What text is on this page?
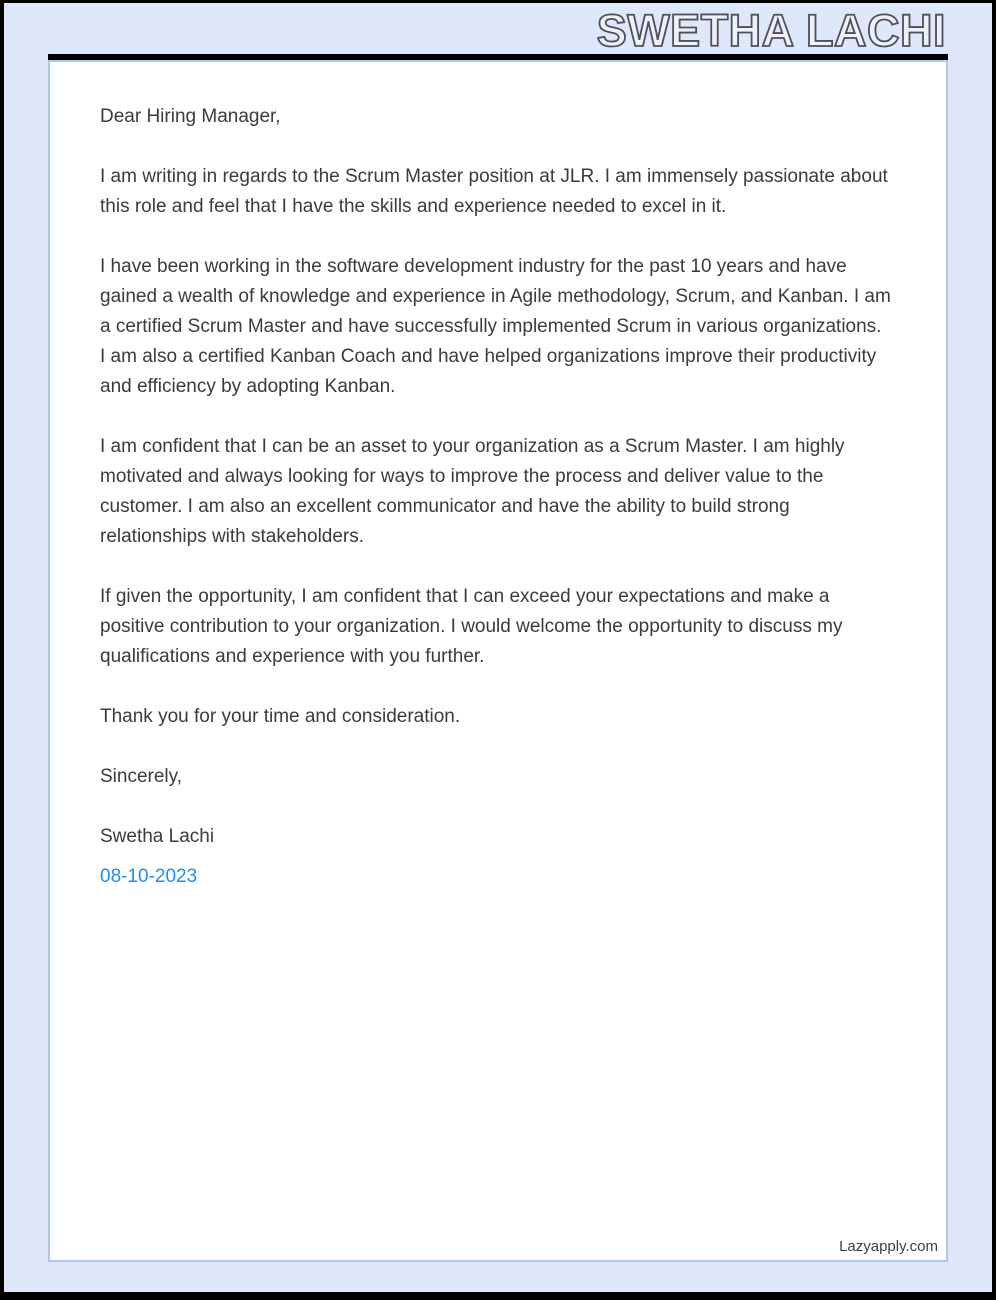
SWETHA LACHI

Dear Hiring Manager,

I am writing in regards to the Scrum Master position at JLR. I am immensely passionate about this role and feel that I have the skills and experience needed to excel in it.

I have been working in the software development industry for the past 10 years and have gained a wealth of knowledge and experience in Agile methodology, Scrum, and Kanban. I am a certified Scrum Master and have successfully implemented Scrum in various organizations. I am also a certified Kanban Coach and have helped organizations improve their productivity and efficiency by adopting Kanban.

I am confident that I can be an asset to your organization as a Scrum Master. I am highly motivated and always looking for ways to improve the process and deliver value to the customer. I am also an excellent communicator and have the ability to build strong relationships with stakeholders.

If given the opportunity, I am confident that I can exceed your expectations and make a positive contribution to your organization. I would welcome the opportunity to discuss my qualifications and experience with you further.

Thank you for your time and consideration.

Sincerely,

Swetha Lachi

08-10-2023

Lazyapply.com
